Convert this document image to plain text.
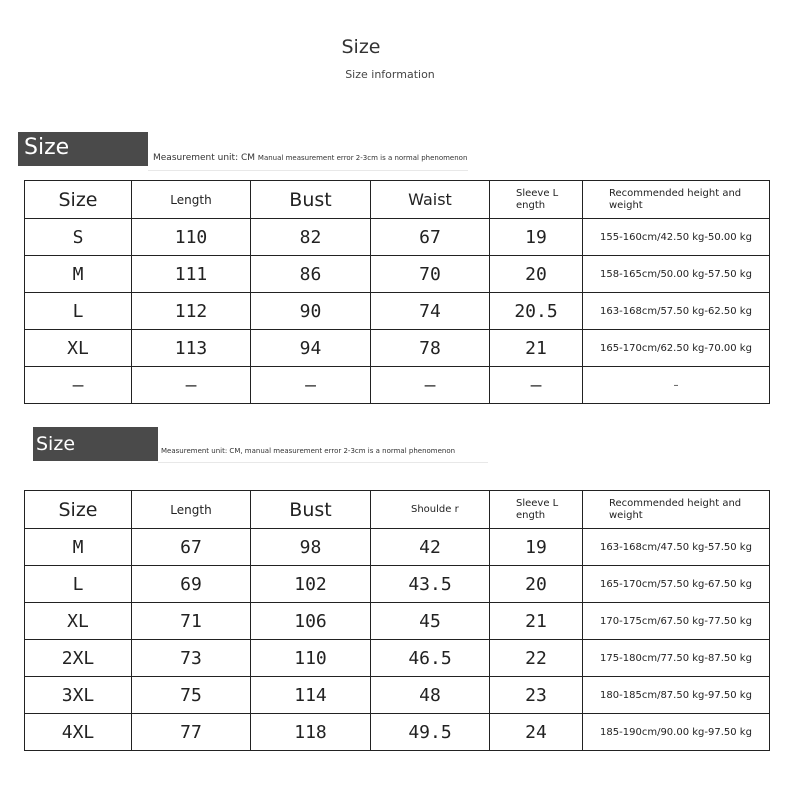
Size
Size information
Size	Measurement unit: CM Manual measurement error 2-3cm is a normal phenomenon
Size	Length	Bust	Waist	Sleeve L ength	Recommended height and weight
S	110	82	67	19	155-160cm/42.50 kg-50.00 kg
M	111	86	70	20	158-165cm/50.00 kg-57.50 kg
L	112	90	74	20.5	163-168cm/57.50 kg-62.50 kg
XL	113	94	78	21	165-170cm/62.50 kg-70.00 kg
–	–	–	–	–	–
Size	Measurement unit: CM, manual measurement error 2-3cm is a normal phenomenon
Size	Length	Bust	Shoulde r	Sleeve L ength	Recommended height and weight
M	67	98	42	19	163-168cm/47.50 kg-57.50 kg
L	69	102	43.5	20	165-170cm/57.50 kg-67.50 kg
XL	71	106	45	21	170-175cm/67.50 kg-77.50 kg
2XL	73	110	46.5	22	175-180cm/77.50 kg-87.50 kg
3XL	75	114	48	23	180-185cm/87.50 kg-97.50 kg
4XL	77	118	49.5	24	185-190cm/90.00 kg-97.50 kg
